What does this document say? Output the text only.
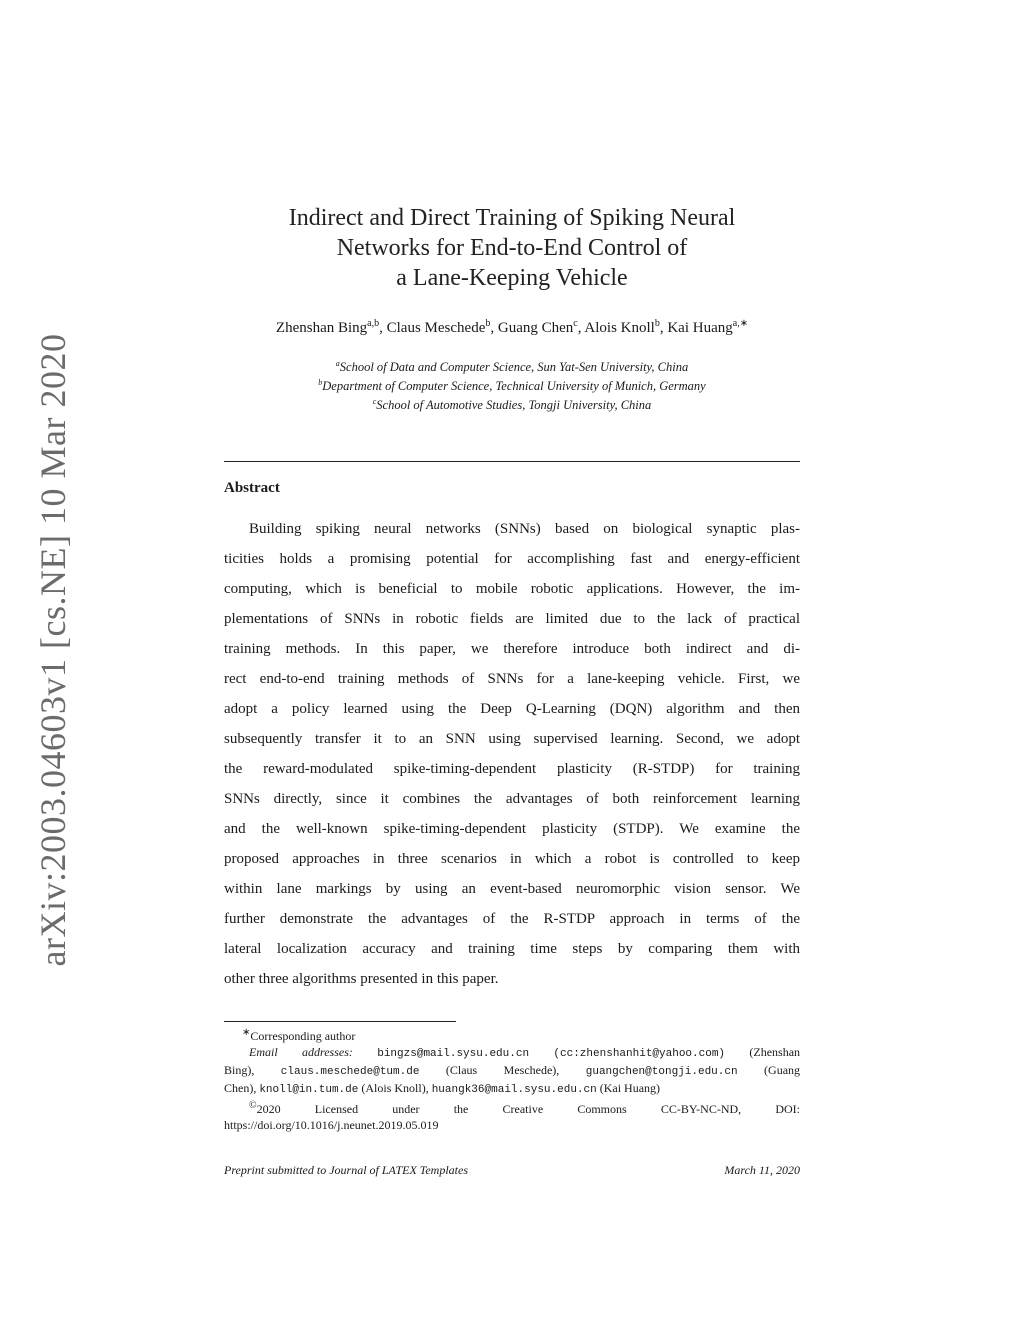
arXiv:2003.04603v1 [cs.NE] 10 Mar 2020
Indirect and Direct Training of Spiking Neural
Networks for End-to-End Control of
a Lane-Keeping Vehicle
Zhenshan Bing$^{a,b}$, Claus Meschede$^b$, Guang Chen$^c$, Alois Knoll$^b$, Kai Huang$^{a,∗}$
$^a$School of Data and Computer Science, Sun Yat-Sen University, China
$^b$Department of Computer Science, Technical University of Munich, Germany
$^c$School of Automotive Studies, Tongji University, China
Abstract
Building spiking neural networks (SNNs) based on biological synaptic plas-
ticities holds a promising potential for accomplishing fast and energy-efficient
computing, which is beneficial to mobile robotic applications. However, the im-
plementations of SNNs in robotic fields are limited due to the lack of practical
training methods. In this paper, we therefore introduce both indirect and di-
rect end-to-end training methods of SNNs for a lane-keeping vehicle. First, we
adopt a policy learned using the Deep Q-Learning (DQN) algorithm and then
subsequently transfer it to an SNN using supervised learning. Second, we adopt
the reward-modulated spike-timing-dependent plasticity (R-STDP) for training
SNNs directly, since it combines the advantages of both reinforcement learning
and the well-known spike-timing-dependent plasticity (STDP). We examine the
proposed approaches in three scenarios in which a robot is controlled to keep
within lane markings by using an event-based neuromorphic vision sensor. We
further demonstrate the advantages of the R-STDP approach in terms of the
lateral localization accuracy and training time steps by comparing them with
other three algorithms presented in this paper.
∗Corresponding author
Email addresses: bingzs@mail.sysu.edu.cn (cc:zhenshanhit@yahoo.com) (Zhenshan
Bing), claus.meschede@tum.de (Claus Meschede), guangchen@tongji.edu.cn (Guang
Chen), knoll@in.tum.de (Alois Knoll), huangk36@mail.sysu.edu.cn (Kai Huang)
©2020 Licensed under the Creative Commons CC-BY-NC-ND, DOI:
https://doi.org/10.1016/j.neunet.2019.05.019
Preprint submitted to Journal of LATEX Templates	March 11, 2020
